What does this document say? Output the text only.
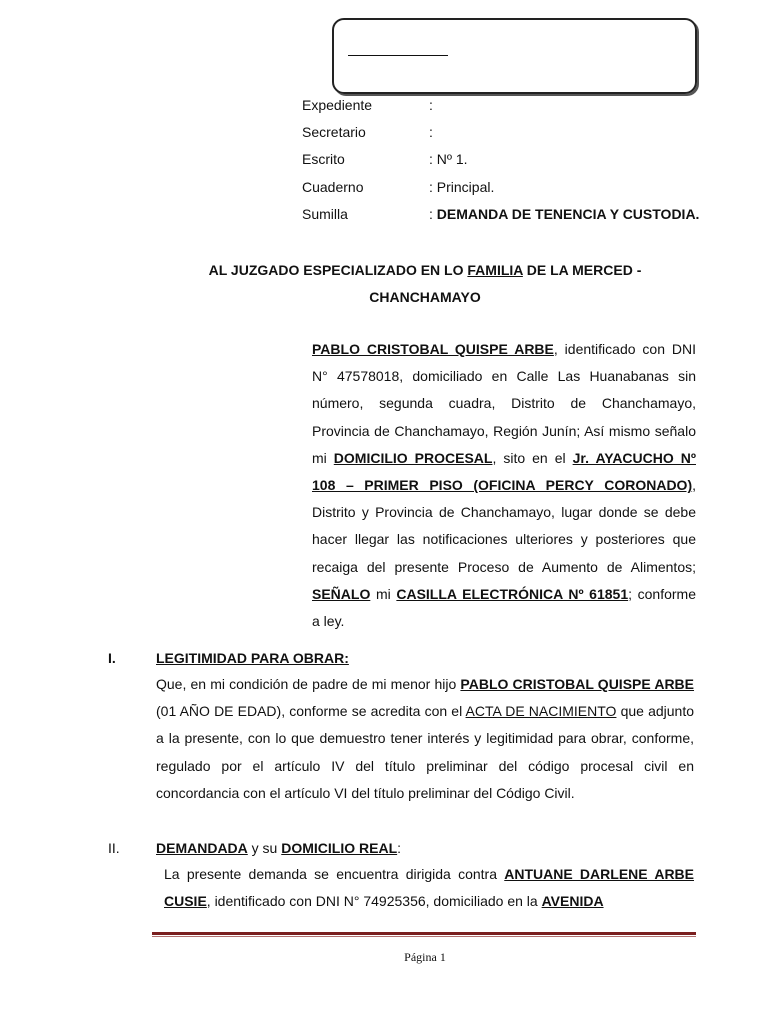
Expediente	:
Secretario	:
Escrito	: Nº 1.
Cuaderno	: Principal.
Sumilla	: DEMANDA DE TENENCIA Y CUSTODIA.
AL JUZGADO ESPECIALIZADO EN LO FAMILIA DE LA MERCED -
CHANCHAMAYO
PABLO CRISTOBAL QUISPE ARBE, identificado con DNI N° 47578018, domiciliado en Calle Las Huanabanas sin número, segunda cuadra, Distrito de Chanchamayo, Provincia de Chanchamayo, Región Junín; Así mismo señalo mi DOMICILIO PROCESAL, sito en el Jr. AYACUCHO Nº 108 – PRIMER PISO (OFICINA PERCY CORONADO), Distrito y Provincia de Chanchamayo, lugar donde se debe hacer llegar las notificaciones ulteriores y posteriores que recaiga del presente Proceso de Aumento de Alimentos; SEÑALO mi CASILLA ELECTRÓNICA Nº 61851; conforme a ley.
I.	LEGITIMIDAD PARA OBRAR:
Que, en mi condición de padre de mi menor hijo PABLO CRISTOBAL QUISPE ARBE (01 AÑO DE EDAD), conforme se acredita con el ACTA DE NACIMIENTO que adjunto a la presente, con lo que demuestro tener interés y legitimidad para obrar, conforme, regulado por el artículo IV del título preliminar del código procesal civil en concordancia con el artículo VI del título preliminar del Código Civil.
II.	DEMANDADA y su DOMICILIO REAL:
La presente demanda se encuentra dirigida contra ANTUANE DARLENE ARBE CUSIE, identificado con DNI N° 74925356, domiciliado en la AVENIDA
Página 1
